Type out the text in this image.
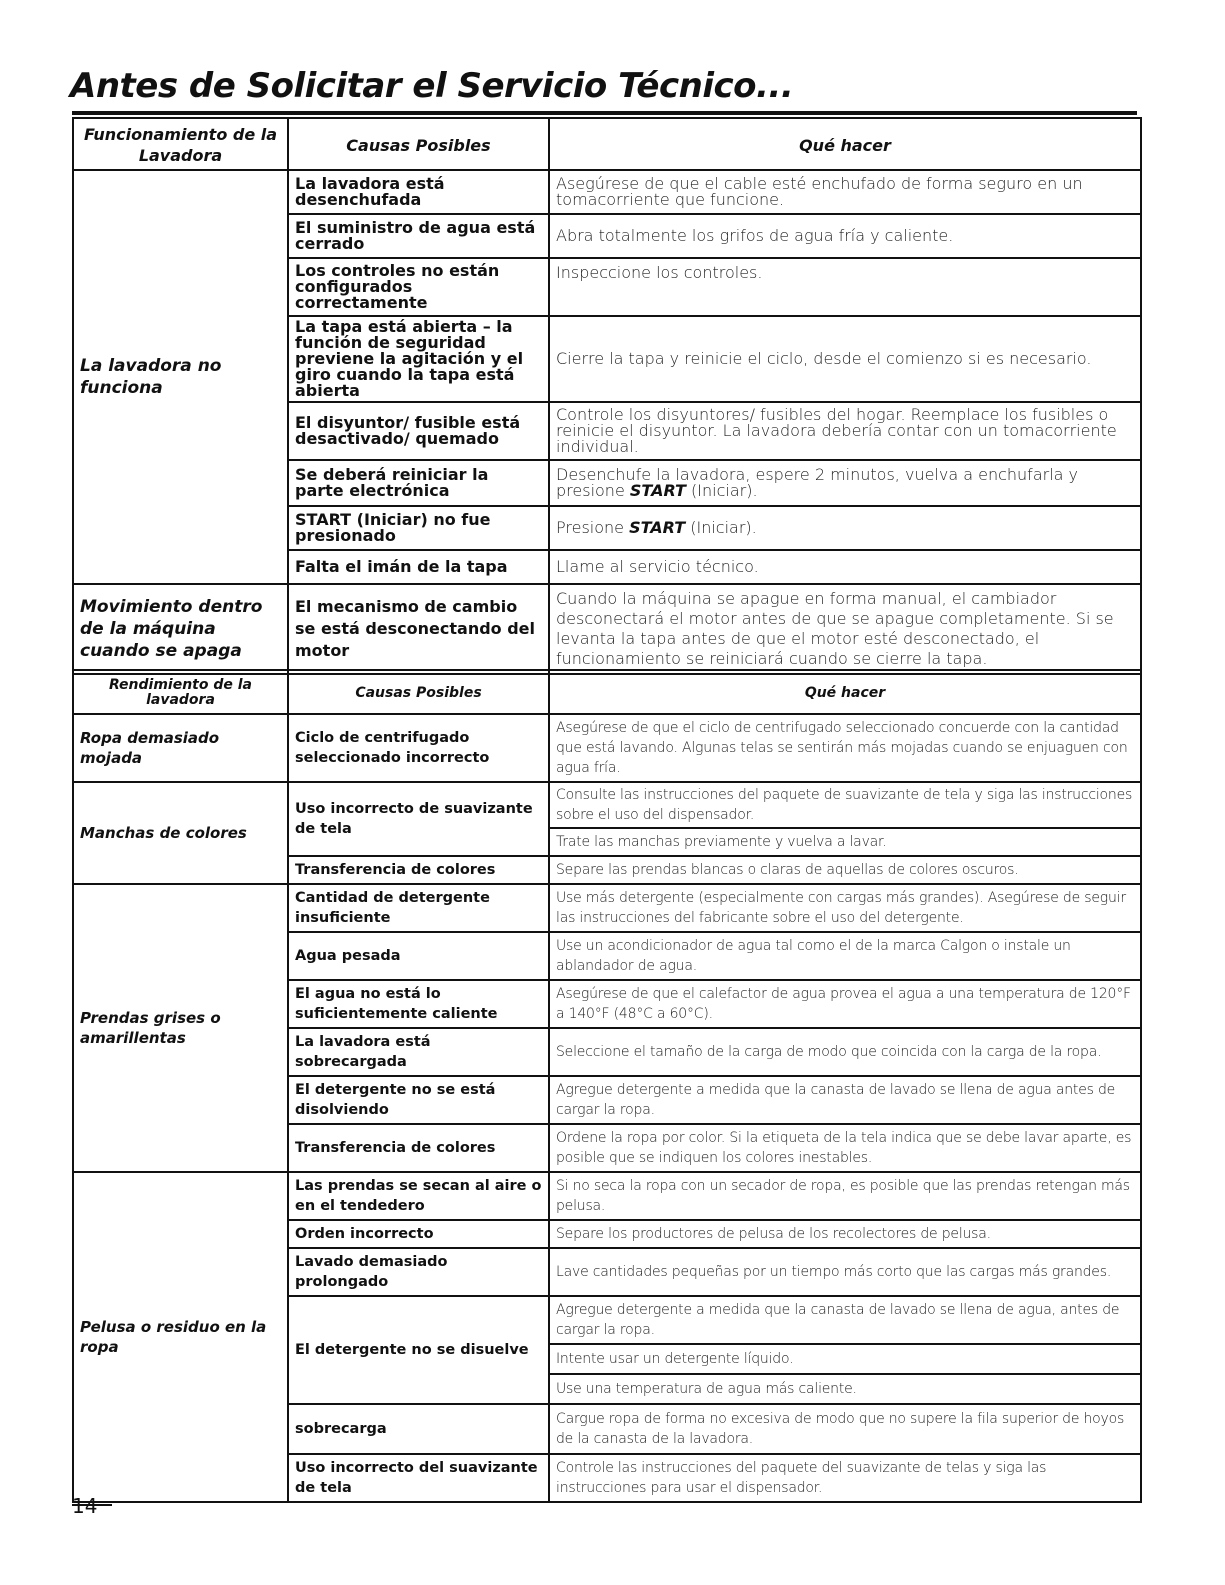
Antes de Solicitar el Servicio Técnico...
Funcionamiento de la Lavadora	Causas Posibles	Qué hacer
La lavadora no funciona	La lavadora está desenchufada	Asegúrese de que el cable esté enchufado de forma seguro en un tomacorriente que funcione.
	El suministro de agua está cerrado	Abra totalmente los grifos de agua fría y caliente.
	Los controles no están configurados correctamente	Inspeccione los controles.
	La tapa está abierta – la función de seguridad previene la agitación y el giro cuando la tapa está abierta	Cierre la tapa y reinicie el ciclo, desde el comienzo si es necesario.
	El disyuntor/ fusible está desactivado/ quemado	Controle los disyuntores/ fusibles del hogar. Reemplace los fusibles o reinicie el disyuntor. La lavadora debería contar con un tomacorriente individual.
	Se deberá reiniciar la parte electrónica	Desenchufe la lavadora, espere 2 minutos, vuelva a enchufarla y presione START (Iniciar).
	START (Iniciar) no fue presionado	Presione START (Iniciar).
	Falta el imán de la tapa	Llame al servicio técnico.
Movimiento dentro de la máquina cuando se apaga	El mecanismo de cambio se está desconectando del motor	Cuando la máquina se apague en forma manual, el cambiador desconectará el motor antes de que se apague completamente. Si se levanta la tapa antes de que el motor esté desconectado, el funcionamiento se reiniciará cuando se cierre la tapa.
Rendimiento de la lavadora	Causas Posibles	Qué hacer
Ropa demasiado mojada	Ciclo de centrifugado seleccionado incorrecto	Asegúrese de que el ciclo de centrifugado seleccionado concuerde con la cantidad que está lavando. Algunas telas se sentirán más mojadas cuando se enjuaguen con agua fría.
Manchas de colores	Uso incorrecto de suavizante de tela	Consulte las instrucciones del paquete de suavizante de tela y siga las instrucciones sobre el uso del dispensador.
		Trate las manchas previamente y vuelva a lavar.
	Transferencia de colores	Separe las prendas blancas o claras de aquellas de colores oscuros.
Prendas grises o amarillentas	Cantidad de detergente insuficiente	Use más detergente (especialmente con cargas más grandes). Asegúrese de seguir las instrucciones del fabricante sobre el uso del detergente.
	Agua pesada	Use un acondicionador de agua tal como el de la marca Calgon o instale un ablandador de agua.
	El agua no está lo suficientemente caliente	Asegúrese de que el calefactor de agua provea el agua a una temperatura de 120°F a 140°F (48°C a 60°C).
	La lavadora está sobrecargada	Seleccione el tamaño de la carga de modo que coincida con la carga de la ropa.
	El detergente no se está disolviendo	Agregue detergente a medida que la canasta de lavado se llena de agua antes de cargar la ropa.
	Transferencia de colores	Ordene la ropa por color. Si la etiqueta de la tela indica que se debe lavar aparte, es posible que se indiquen los colores inestables.
Pelusa o residuo en la ropa	Las prendas se secan al aire o en el tendedero	Si no seca la ropa con un secador de ropa, es posible que las prendas retengan más pelusa.
	Orden incorrecto	Separe los productores de pelusa de los recolectores de pelusa.
	Lavado demasiado prolongado	Lave cantidades pequeñas por un tiempo más corto que las cargas más grandes.
	El detergente no se disuelve	Agregue detergente a medida que la canasta de lavado se llena de agua, antes de cargar la ropa.
		Intente usar un detergente líquido.
		Use una temperatura de agua más caliente.
	sobrecarga	Cargue ropa de forma no excesiva de modo que no supere la fila superior de hoyos de la canasta de la lavadora.
	Uso incorrecto del suavizante de tela	Controle las instrucciones del paquete del suavizante de telas y siga las instrucciones para usar el dispensador.
14
